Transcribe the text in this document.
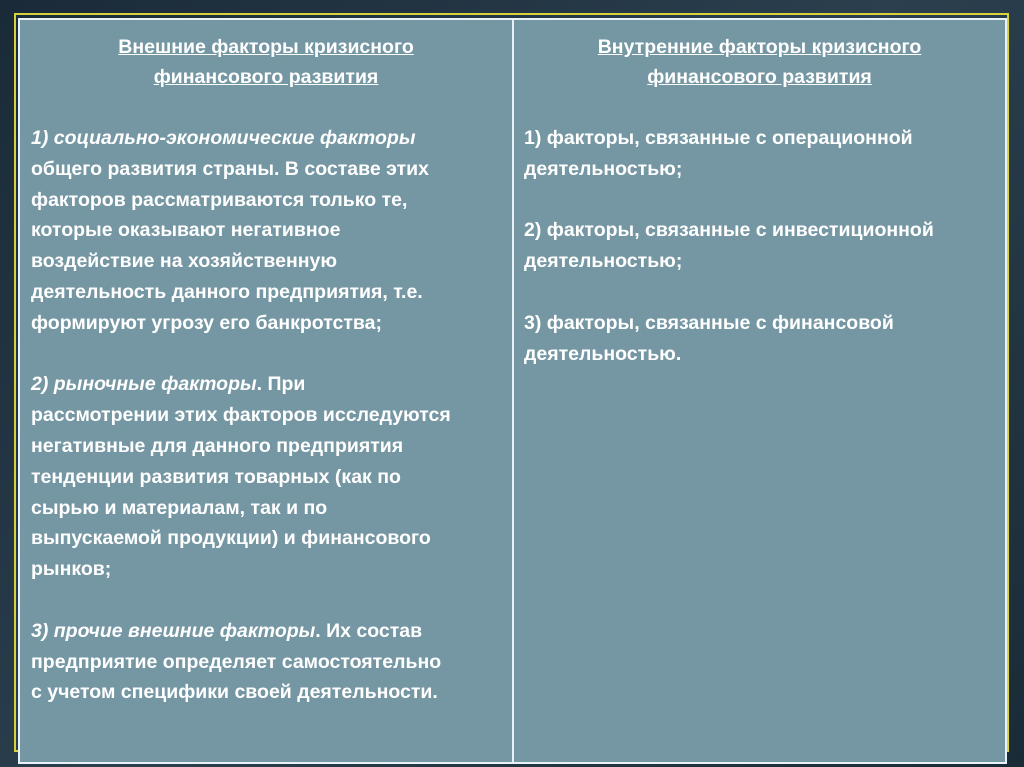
Внешние факторы кризисного
финансового развития
1) социально-экономические факторы
общего развития страны. В составе этих
факторов рассматриваются только те,
которые оказывают негативное
воздействие на хозяйственную
деятельность данного предприятия, т.е.
формируют угрозу его банкротства;
2) рыночные факторы. При
рассмотрении этих факторов исследуются
негативные для данного предприятия
тенденции развития товарных (как по
сырью и материалам, так и по
выпускаемой продукции) и финансового
рынков;
3) прочие внешние факторы. Их состав
предприятие определяет самостоятельно
с учетом специфики своей деятельности.
Внутренние факторы кризисного
финансового развития
1) факторы, связанные с операционной
деятельностью;
2) факторы, связанные с инвестиционной
деятельностью;
3) факторы, связанные с финансовой
деятельностью.
